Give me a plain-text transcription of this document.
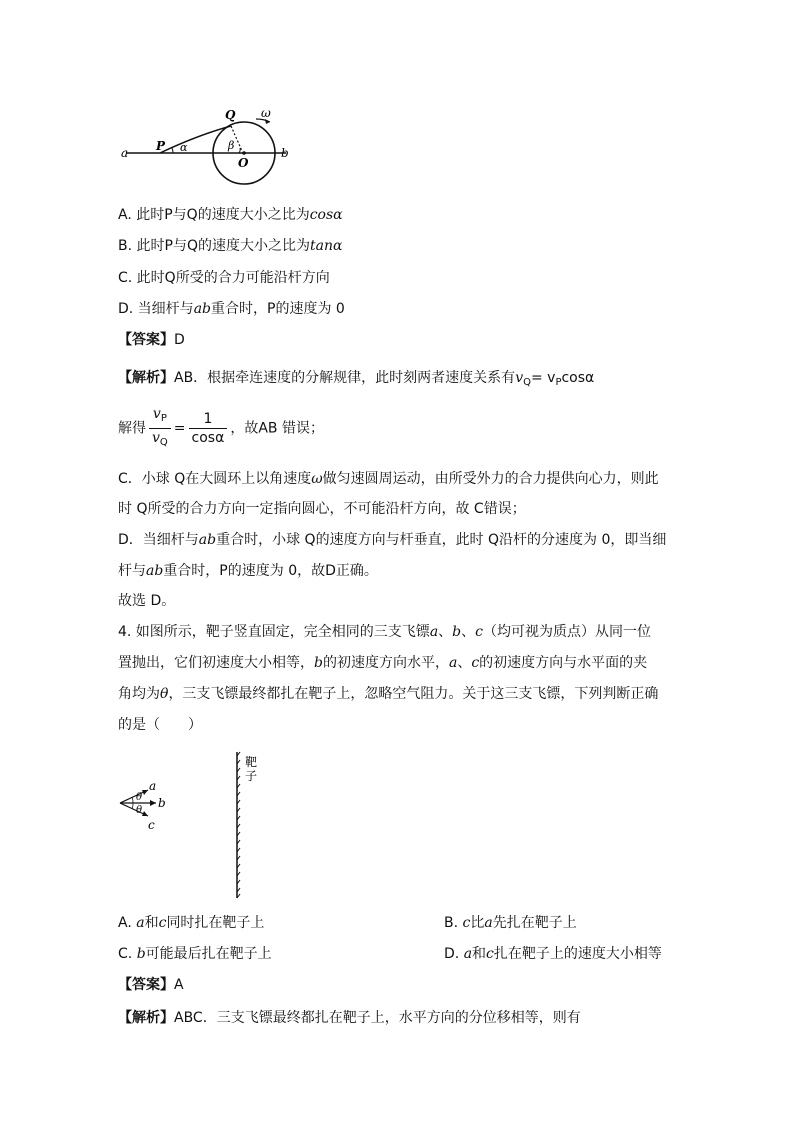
a P α
Q ω
β
O
b
A. 此时P与Q的速度大小之比为cosα
B. 此时P与Q的速度大小之比为tanα
C. 此时Q所受的合力可能沿杆方向
D. 当细杆与ab重合时，P的速度为 0
【答案】D
【解析】AB．根据牵连速度的分解规律，此时刻两者速度关系有$v_Q= v_P\cos\alpha$
解得 $\frac{v_P}{v_Q} = \frac{1}{\cos\alpha}$ ，故AB 错误；
C．小球 Q在大圆环上以角速度ω做匀速圆周运动，由所受外力的合力提供向心力，则此
时 Q所受的合力方向一定指向圆心，不可能沿杆方向，故 C错误；
D．当细杆与ab重合时，小球 Q的速度方向与杆垂直，此时 Q沿杆的分速度为 0，即当细
杆与ab重合时，P的速度为 0，故D正确。
故选 D。
4. 如图所示，靶子竖直固定，完全相同的三支飞镖a、b、c（均可视为质点）从同一位
置抛出，它们初速度大小相等，b的初速度方向水平，a、c的初速度方向与水平面的夹
角均为θ，三支飞镖最终都扎在靶子上，忽略空气阻力。关于这三支飞镖，下列判断正确
的是（　　）
靶
子
a
b
c
θ
θ
A. a和c同时扎在靶子上	B. c比a先扎在靶子上
C. b可能最后扎在靶子上	D. a和c扎在靶子上的速度大小相等
【答案】A
【解析】ABC．三支飞镖最终都扎在靶子上，水平方向的分位移相等，则有
